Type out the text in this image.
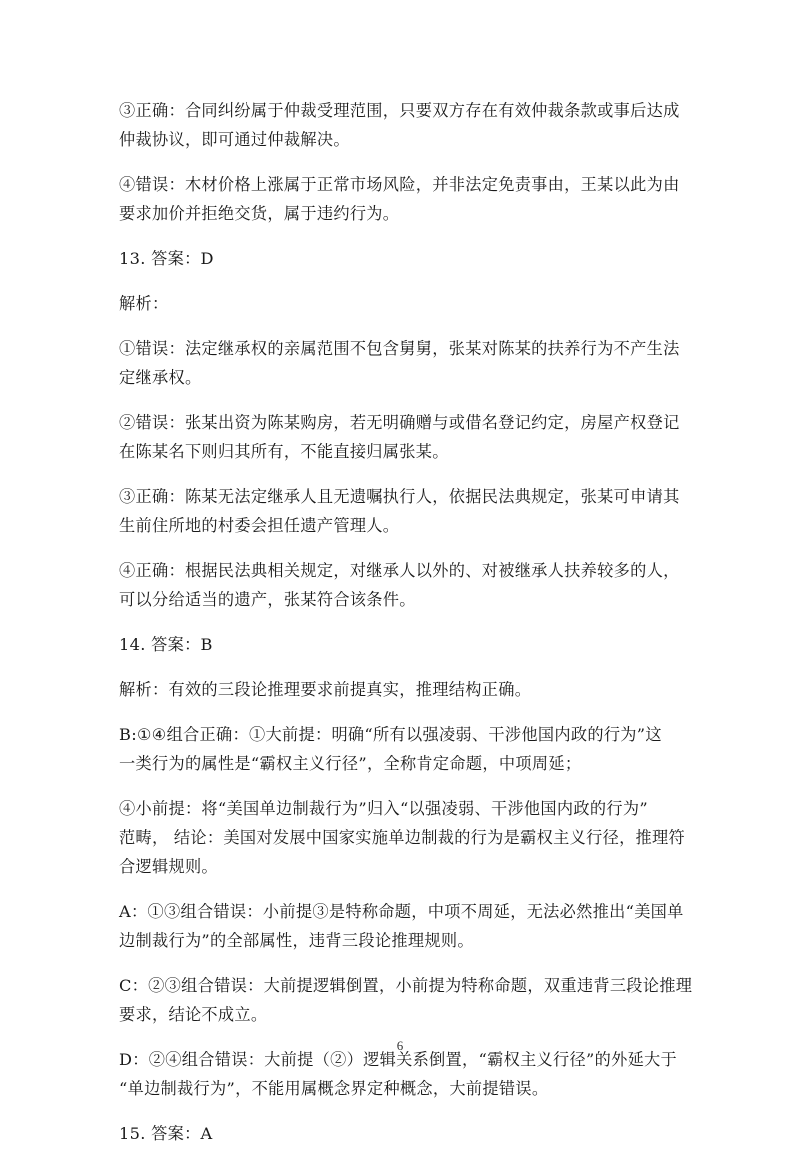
③正确：合同纠纷属于仲裁受理范围，只要双方存在有效仲裁条款或事后达成
仲裁协议，即可通过仲裁解决。

④错误：木材价格上涨属于正常市场风险，并非法定免责事由，王某以此为由
要求加价并拒绝交货，属于违约行为。

13. 答案：D

解析：

①错误：法定继承权的亲属范围不包含舅舅，张某对陈某的扶养行为不产生法
定继承权。

②错误：张某出资为陈某购房，若无明确赠与或借名登记约定，房屋产权登记
在陈某名下则归其所有，不能直接归属张某。

③正确：陈某无法定继承人且无遗嘱执行人，依据民法典规定，张某可申请其
生前住所地的村委会担任遗产管理人。

④正确：根据民法典相关规定，对继承人以外的、对被继承人扶养较多的人，
可以分给适当的遗产，张某符合该条件。

14. 答案：B

解析：有效的三段论推理要求前提真实，推理结构正确。

B:①④组合正确：①大前提：明确“所有以强凌弱、干涉他国内政的行为”这
一类行为的属性是“霸权主义行径”，全称肯定命题，中项周延；

④小前提：将“美国单边制裁行为”归入“以强凌弱、干涉他国内政的行为”
范畴， 结论：美国对发展中国家实施单边制裁的行为是霸权主义行径，推理符
合逻辑规则。

A：①③组合错误：小前提③是特称命题，中项不周延，无法必然推出“美国单
边制裁行为”的全部属性，违背三段论推理规则。

C：②③组合错误：大前提逻辑倒置，小前提为特称命题，双重违背三段论推理
要求，结论不成立。

D：②④组合错误：大前提（②）逻辑关系倒置，“霸权主义行径”的外延大于
“单边制裁行为”，不能用属概念界定种概念，大前提错误。

15. 答案：A

6
